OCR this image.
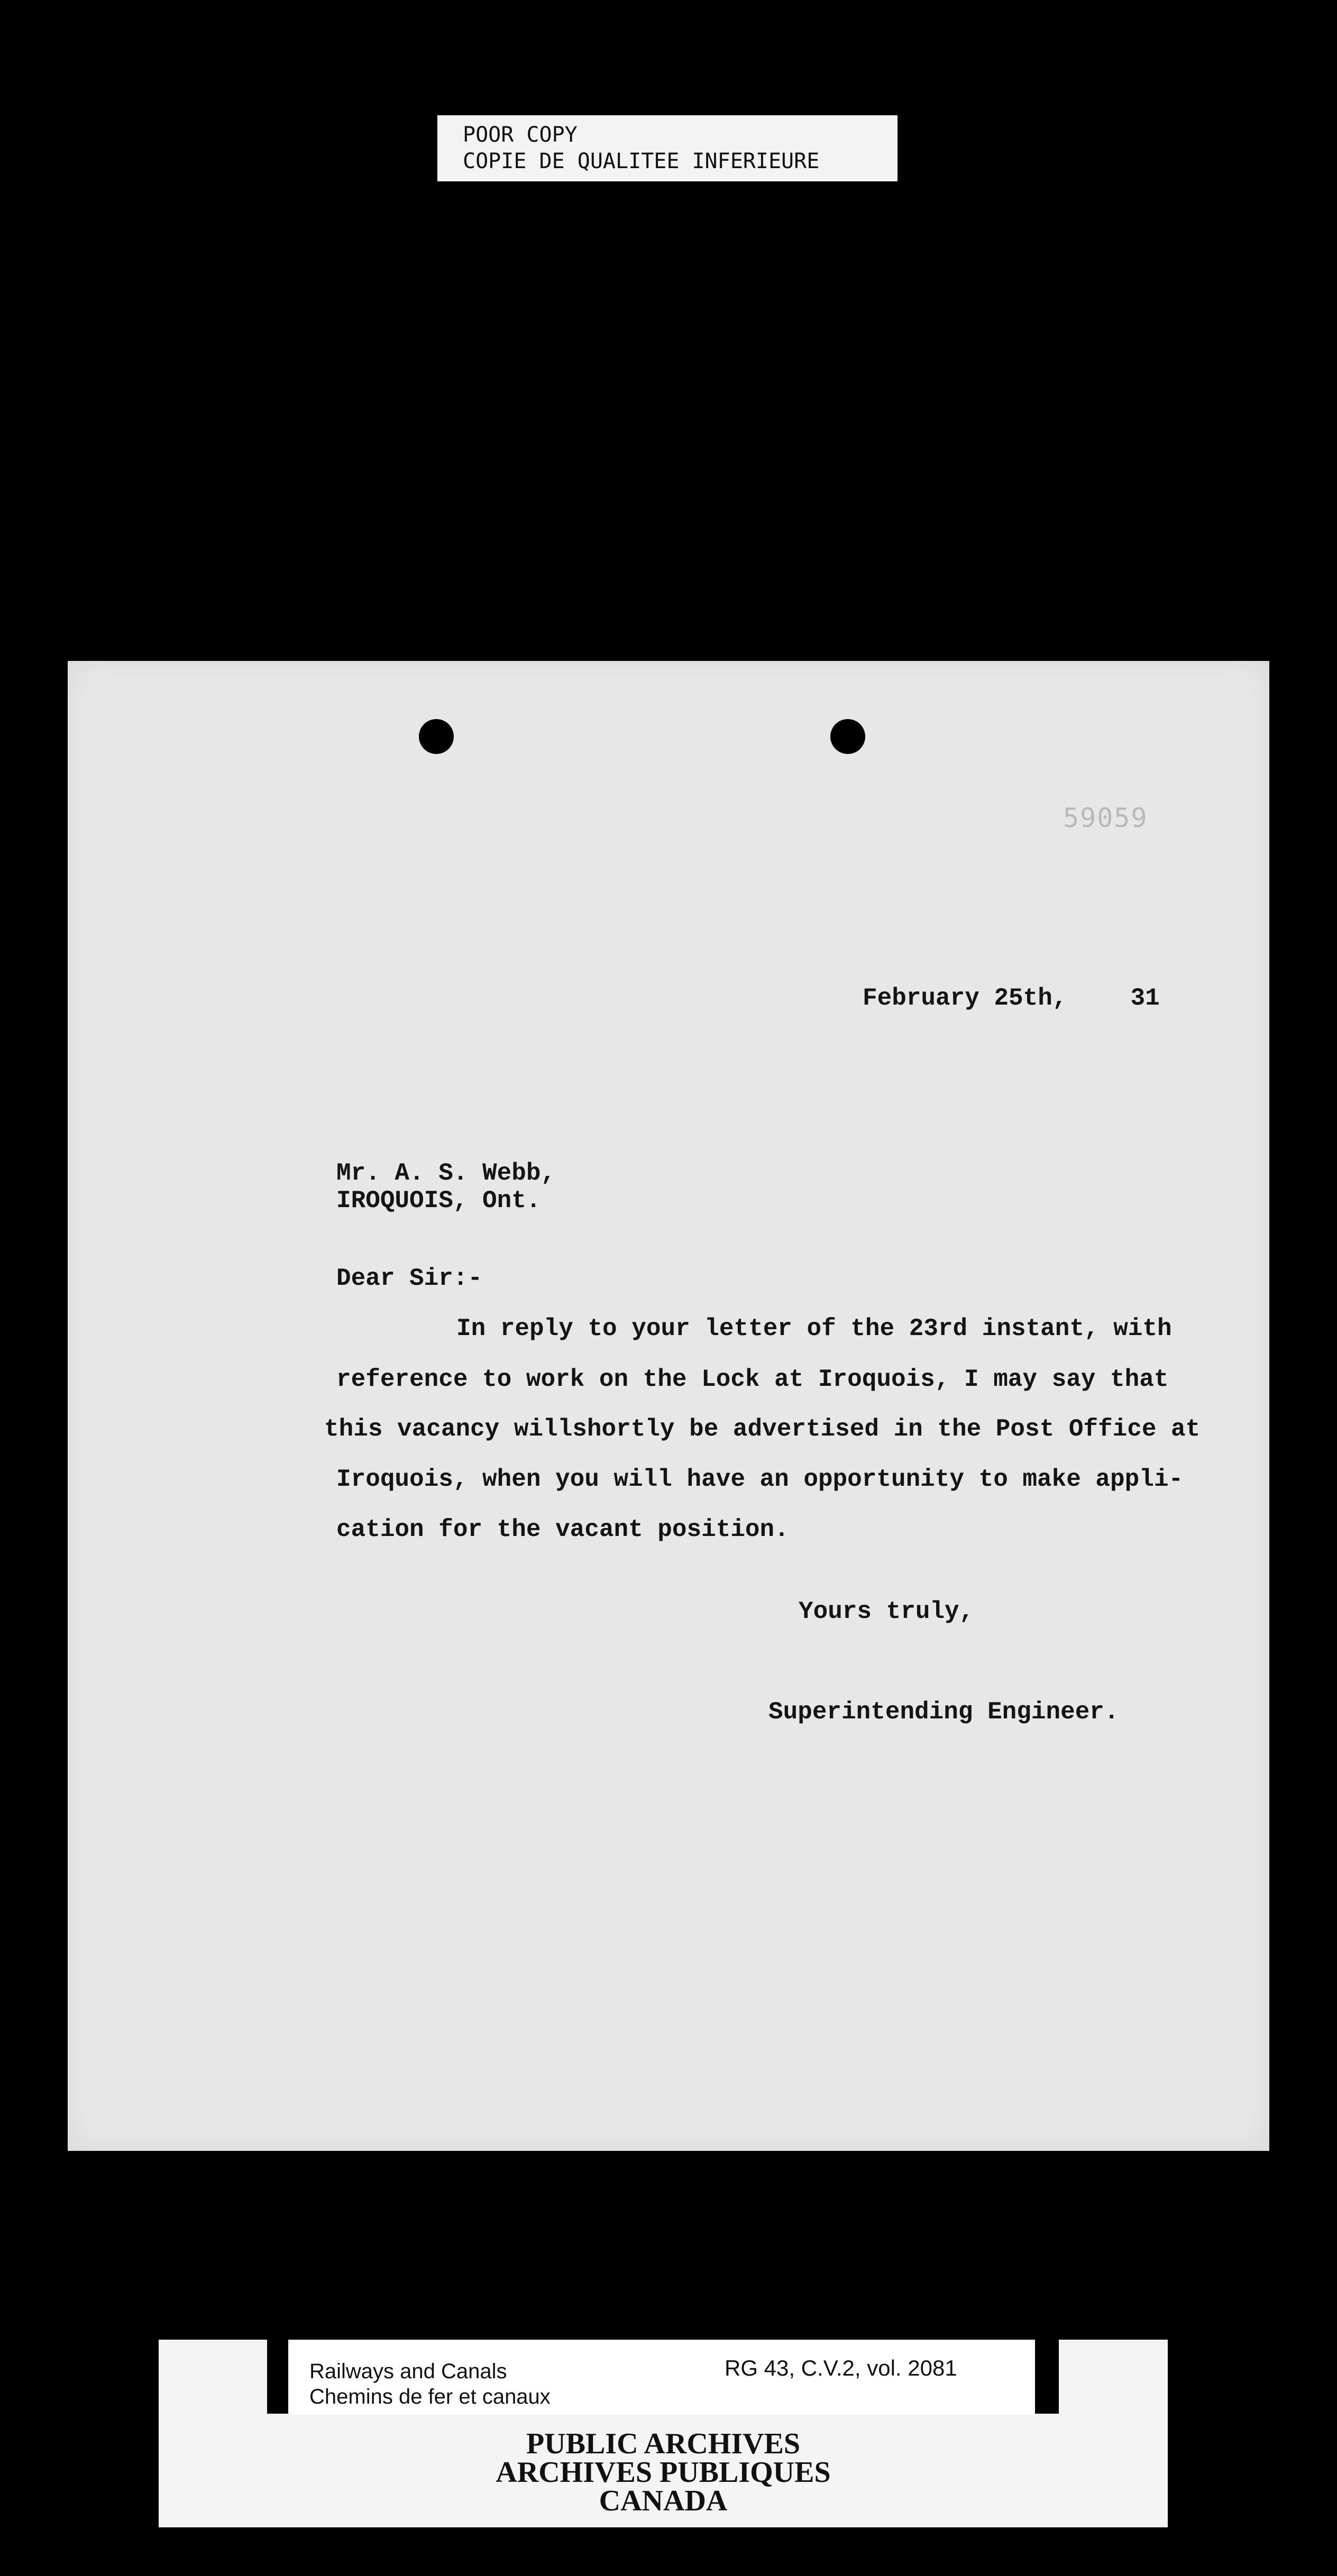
POOR COPY
COPIE DE QUALITEE INFERIEURE
59059
February 25th,	31
Mr. A. S. Webb,
IROQUOIS, Ont.
Dear Sir:-
In reply to your letter of the 23rd instant, with
reference to work on the Lock at Iroquois, I may say that
this vacancy willshortly be advertised in the Post Office at
Iroquois, when you will have an opportunity to make appli-
cation for the vacant position.
Yours truly,
Superintending Engineer.
Railways and Canals
Chemins de fer et canaux
RG 43, C.V.2, vol. 2081
PUBLIC ARCHIVES
ARCHIVES PUBLIQUES
CANADA
